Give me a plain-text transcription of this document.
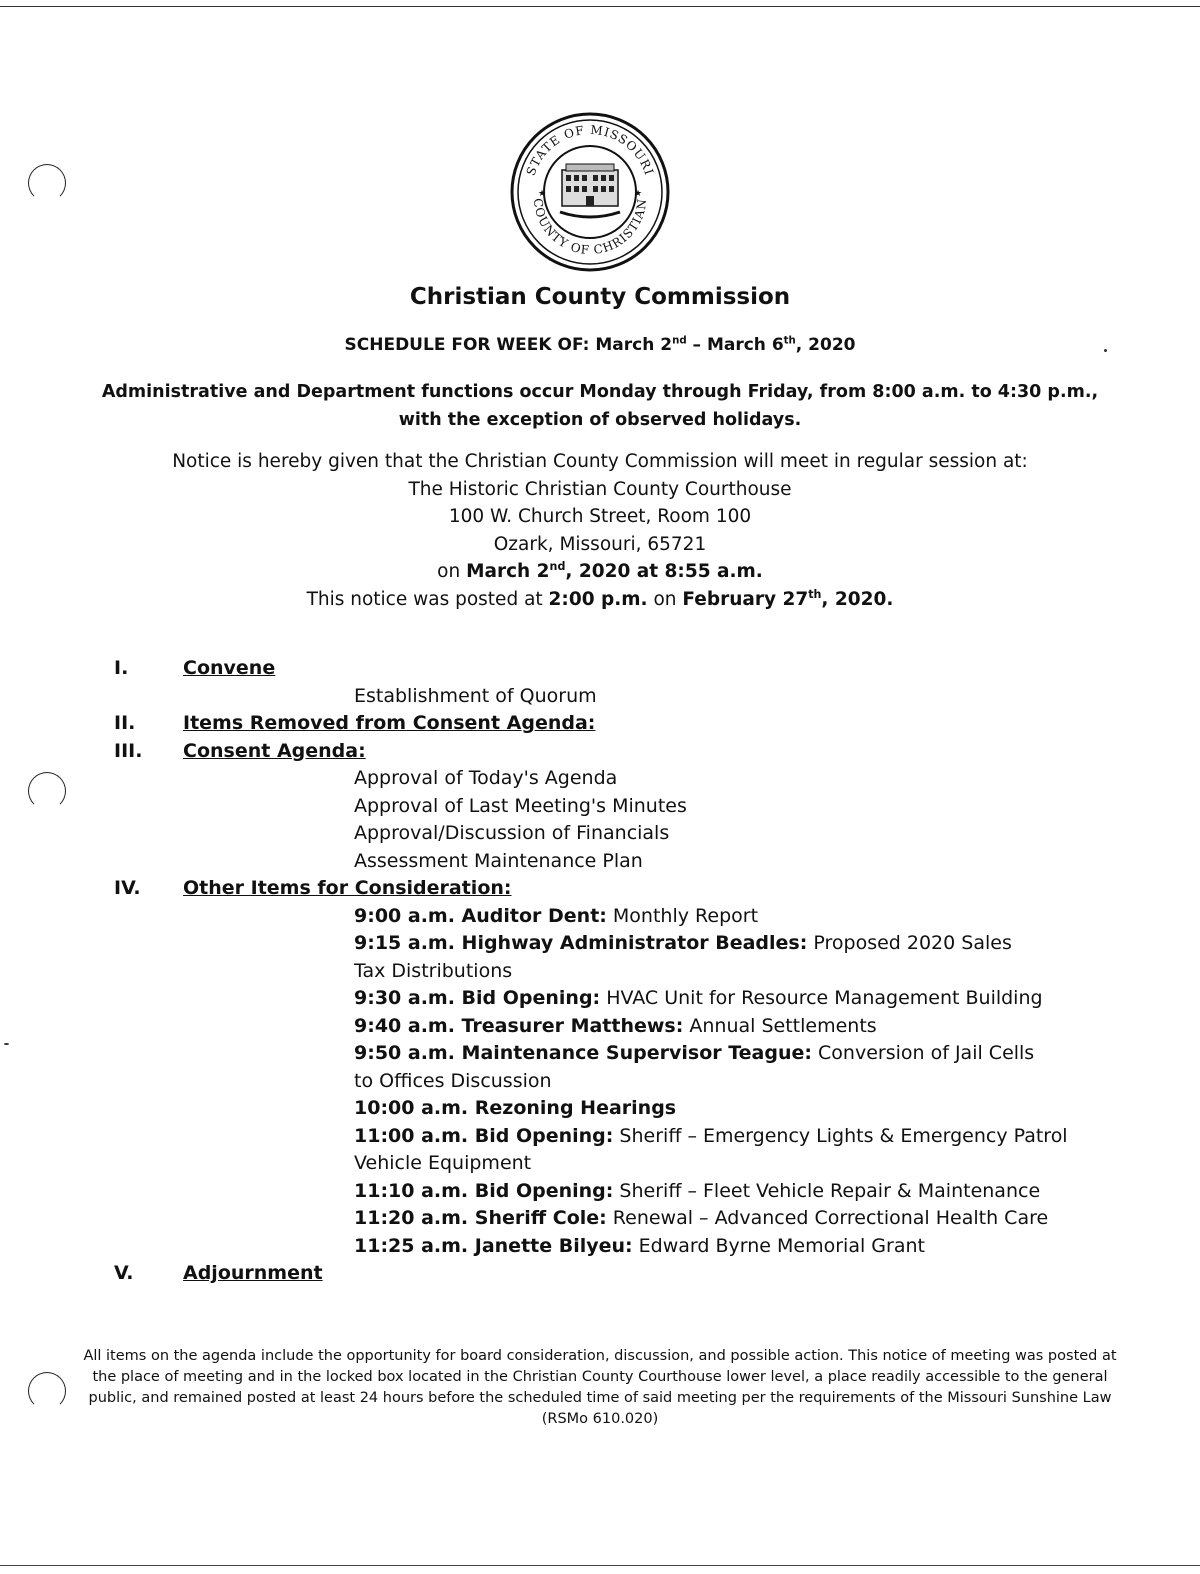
STATE OF MISSOURI
COUNTY OF CHRISTIAN
★	★
Christian County Commission
SCHEDULE FOR WEEK OF: March 2nd – March 6th, 2020
Administrative and Department functions occur Monday through Friday, from 8:00 a.m. to 4:30 p.m.,
with the exception of observed holidays.
Notice is hereby given that the Christian County Commission will meet in regular session at:
The Historic Christian County Courthouse
100 W. Church Street, Room 100
Ozark, Missouri, 65721
on March 2nd, 2020 at 8:55 a.m.
This notice was posted at 2:00 p.m. on February 27th, 2020.
I.	Convene
Establishment of Quorum
II.	Items Removed from Consent Agenda:
III. Consent Agenda:
Approval of Today's Agenda
Approval of Last Meeting's Minutes
Approval/Discussion of Financials
Assessment Maintenance Plan
IV. Other Items for Consideration:
9:00 a.m. Auditor Dent: Monthly Report
9:15 a.m. Highway Administrator Beadles: Proposed 2020 Sales Tax Distributions
9:30 a.m. Bid Opening: HVAC Unit for Resource Management Building
9:40 a.m. Treasurer Matthews: Annual Settlements
9:50 a.m. Maintenance Supervisor Teague: Conversion of Jail Cells to Offices Discussion
10:00 a.m. Rezoning Hearings
11:00 a.m. Bid Opening: Sheriff – Emergency Lights & Emergency Patrol Vehicle Equipment
11:10 a.m. Bid Opening: Sheriff – Fleet Vehicle Repair & Maintenance
11:20 a.m. Sheriff Cole: Renewal – Advanced Correctional Health Care
11:25 a.m. Janette Bilyeu: Edward Byrne Memorial Grant
V.	Adjournment
All items on the agenda include the opportunity for board consideration, discussion, and possible action. This notice of meeting was posted at the place of meeting and in the locked box located in the Christian County Courthouse lower level, a place readily accessible to the general public, and remained posted at least 24 hours before the scheduled time of said meeting per the requirements of the Missouri Sunshine Law (RSMo 610.020)
